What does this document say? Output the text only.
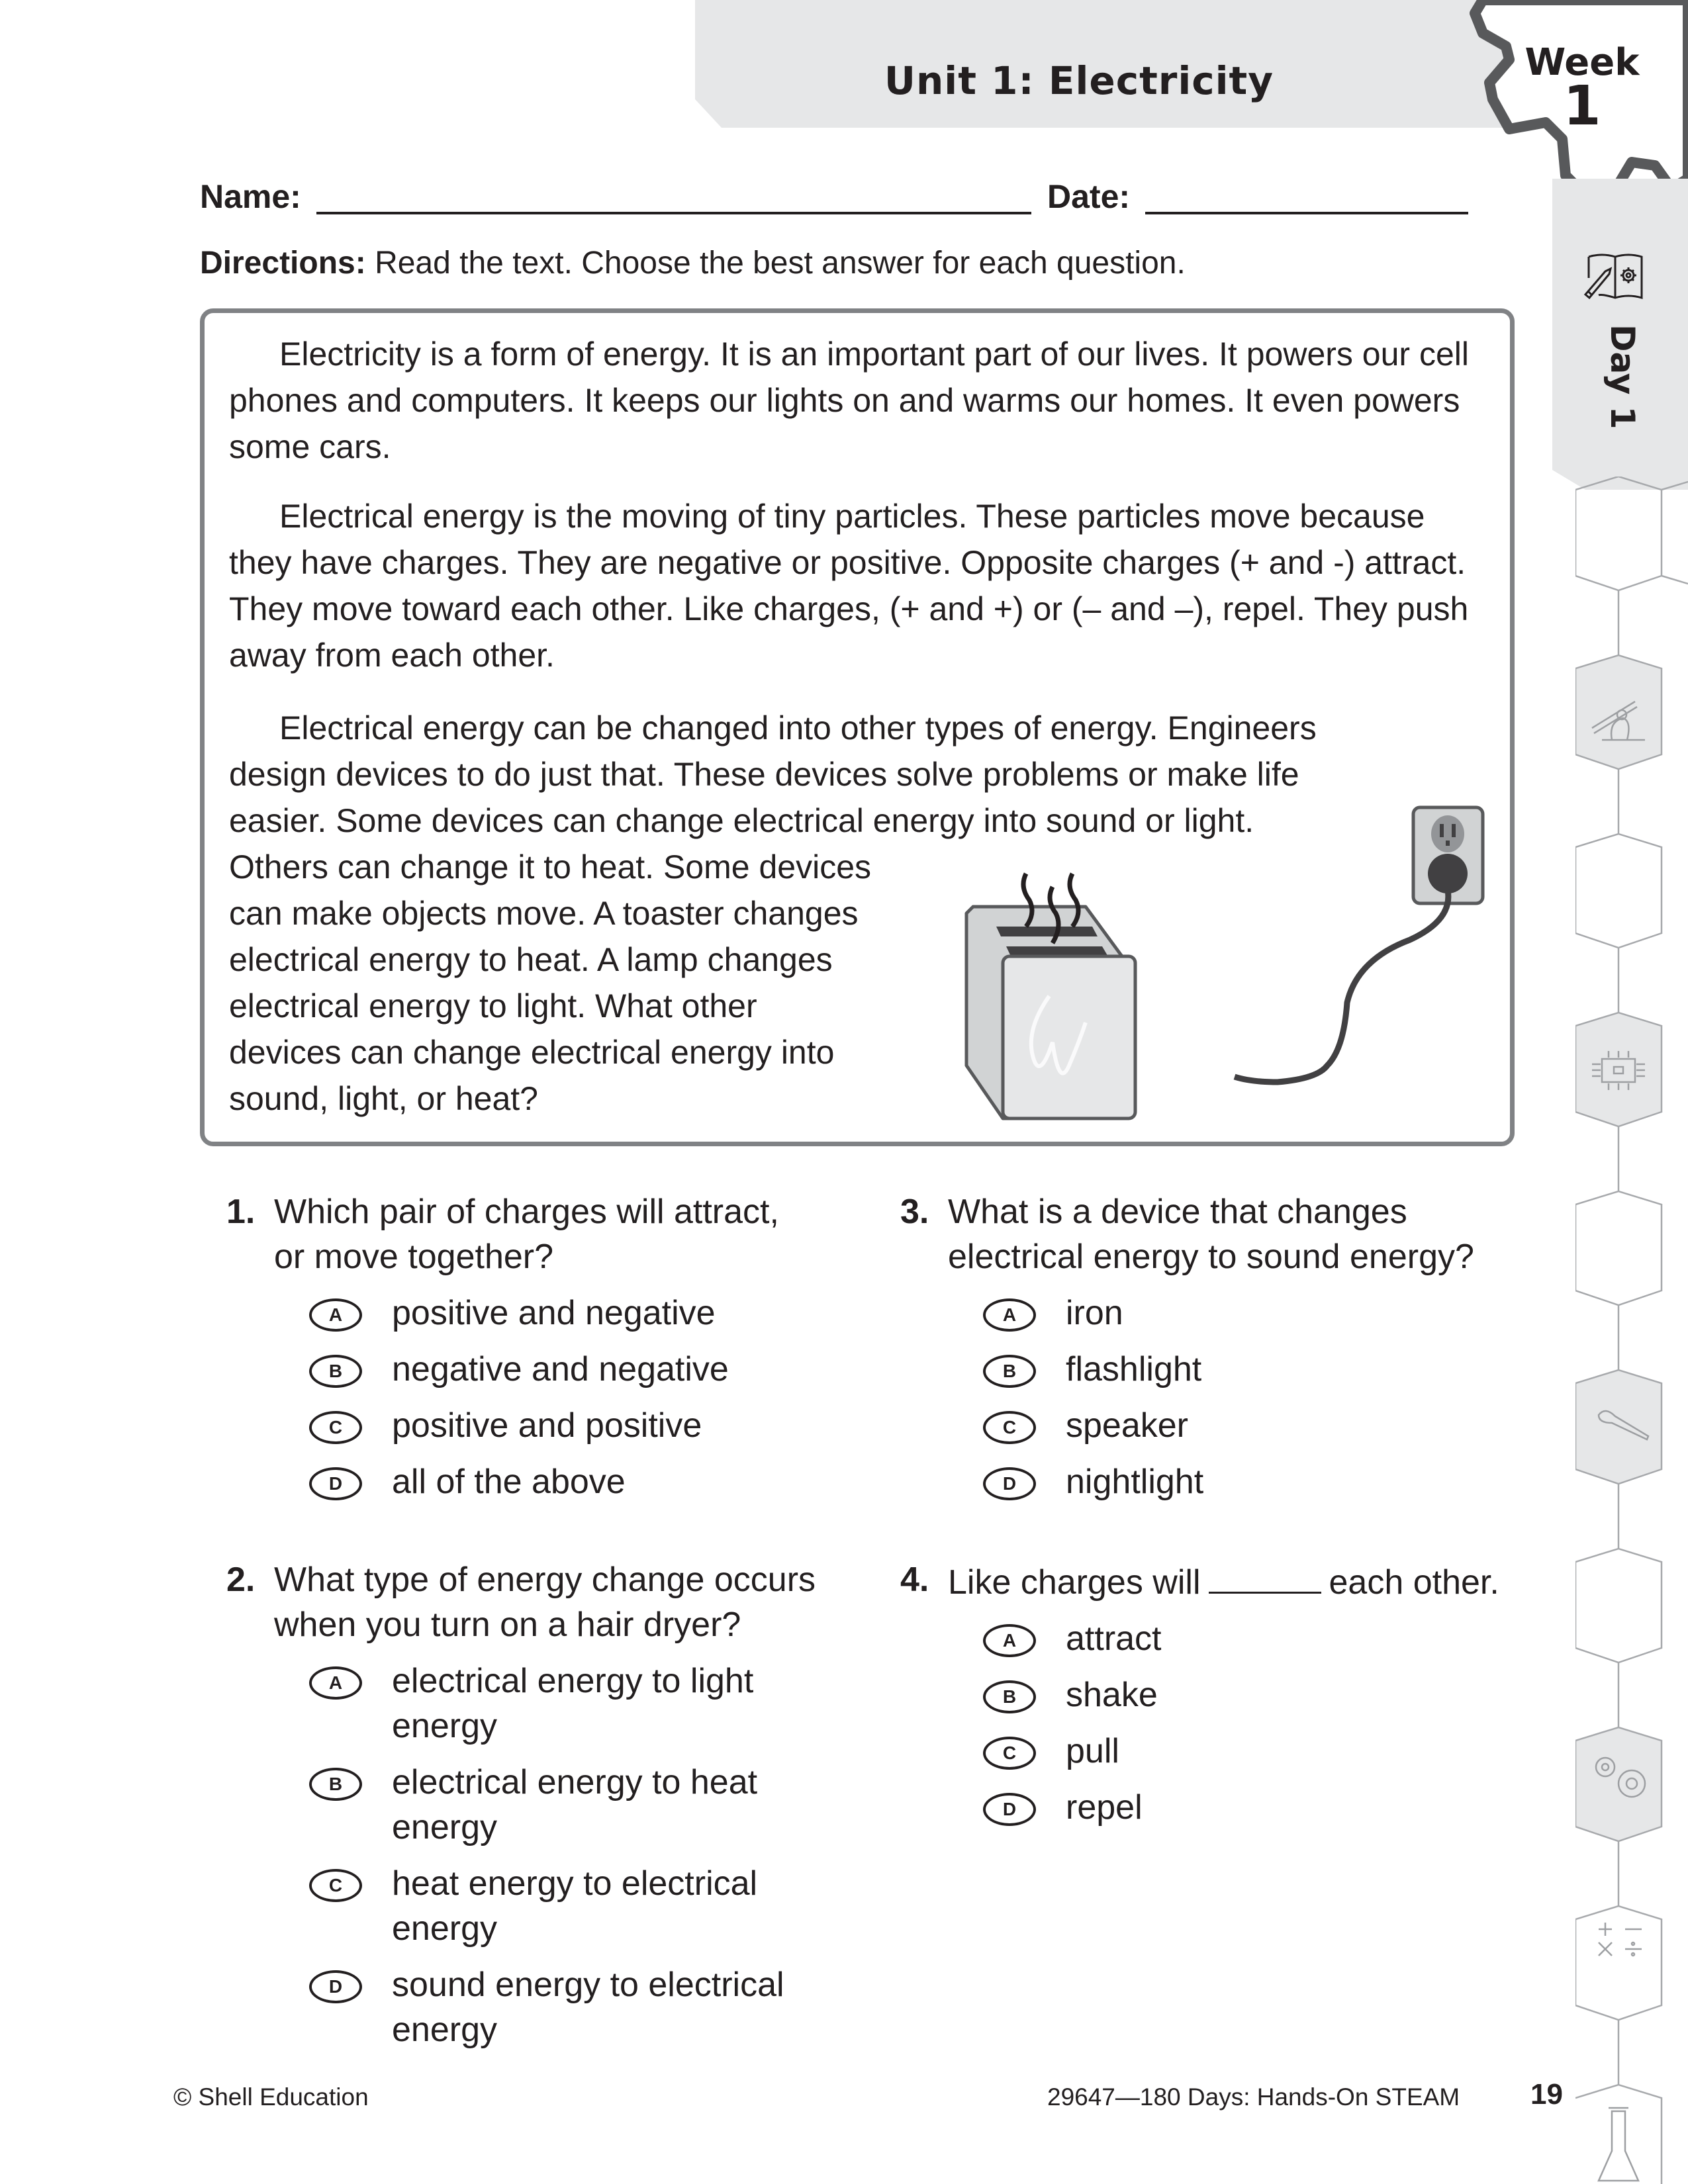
Unit 1: Electricity	Week
1
Day 1
Name:	Date:
Directions: Read the text. Choose the best answer for each question.

Electricity is a form of energy. It is an important part of our lives. It powers our cell phones and computers. It keeps our lights on and warms our homes. It even powers some cars.

Electrical energy is the moving of tiny particles. These particles move because they have charges. They are negative or positive. Opposite charges (+ and -) attract. They move toward each other. Like charges, (+ and +) or (– and –), repel. They push away from each other.

Electrical energy can be changed into other types of energy. Engineers design devices to do just that. These devices solve problems or make life easier. Some devices can change electrical energy into sound or light.

Others can change it to heat. Some devices

can make objects move. A toaster changes

electrical energy to heat. A lamp changes

electrical energy to light. What other

devices can change electrical energy into

sound, light, or heat?

1. Which pair of charges will attract, or move together?
A	positive and negative
B	negative and negative
C	positive and positive
D	all of the above
3. What is a device that changes electrical energy to sound energy?
A	iron
B	flashlight
C	speaker
D	nightlight
2. What type of energy change occurs when you turn on a hair dryer?
A	electrical energy to light energy
B	electrical energy to heat energy
C	heat energy to electrical energy
D	sound energy to electrical energy
4. Like charges will	each other.
A	attract
B	shake
C	pull
D	repel
© Shell Education	29647—180 Days: Hands-On STEAM 19
